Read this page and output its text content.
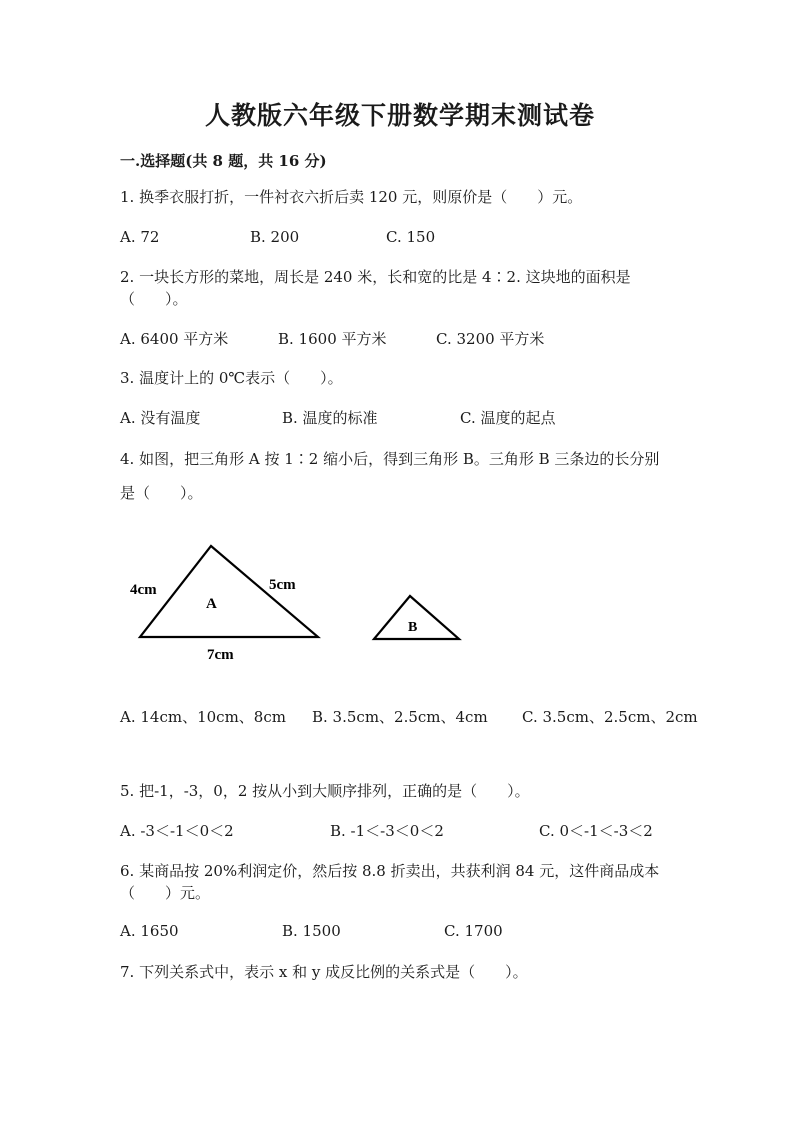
人教版六年级下册数学期末测试卷
一.选择题(共 8 题，共 16 分)
1. 换季衣服打折，一件衬衣六折后卖 120 元，则原价是（　　）元。
A. 72	B. 200	C. 150
2. 一块长方形的菜地，周长是 240 米，长和宽的比是 4∶2. 这块地的面积是
（　　）。
A. 6400 平方米	B. 1600 平方米	C. 3200 平方米
3. 温度计上的 0℃表示（　　）。
A. 没有温度	B. 温度的标准	C. 温度的起点
4. 如图，把三角形 A 按 1∶2 缩小后，得到三角形 B。三角形 B 三条边的长分别
是（　　）。
4cm	5cm
7cm
A
B
A. 14cm、10cm、8cm B. 3.5cm、2.5cm、4cm C. 3.5cm、2.5cm、2cm
5. 把-1，-3，0，2 按从小到大顺序排列，正确的是（　　）。
A. -3＜-1＜0＜2	B. -1＜-3＜0＜2	C. 0＜-1＜-3＜2
6. 某商品按 20%利润定价，然后按 8.8 折卖出，共获利润 84 元，这件商品成本
（　　）元。
A. 1650	B. 1500	C. 1700
7. 下列关系式中，表示 x 和 y 成反比例的关系式是（　　）。
